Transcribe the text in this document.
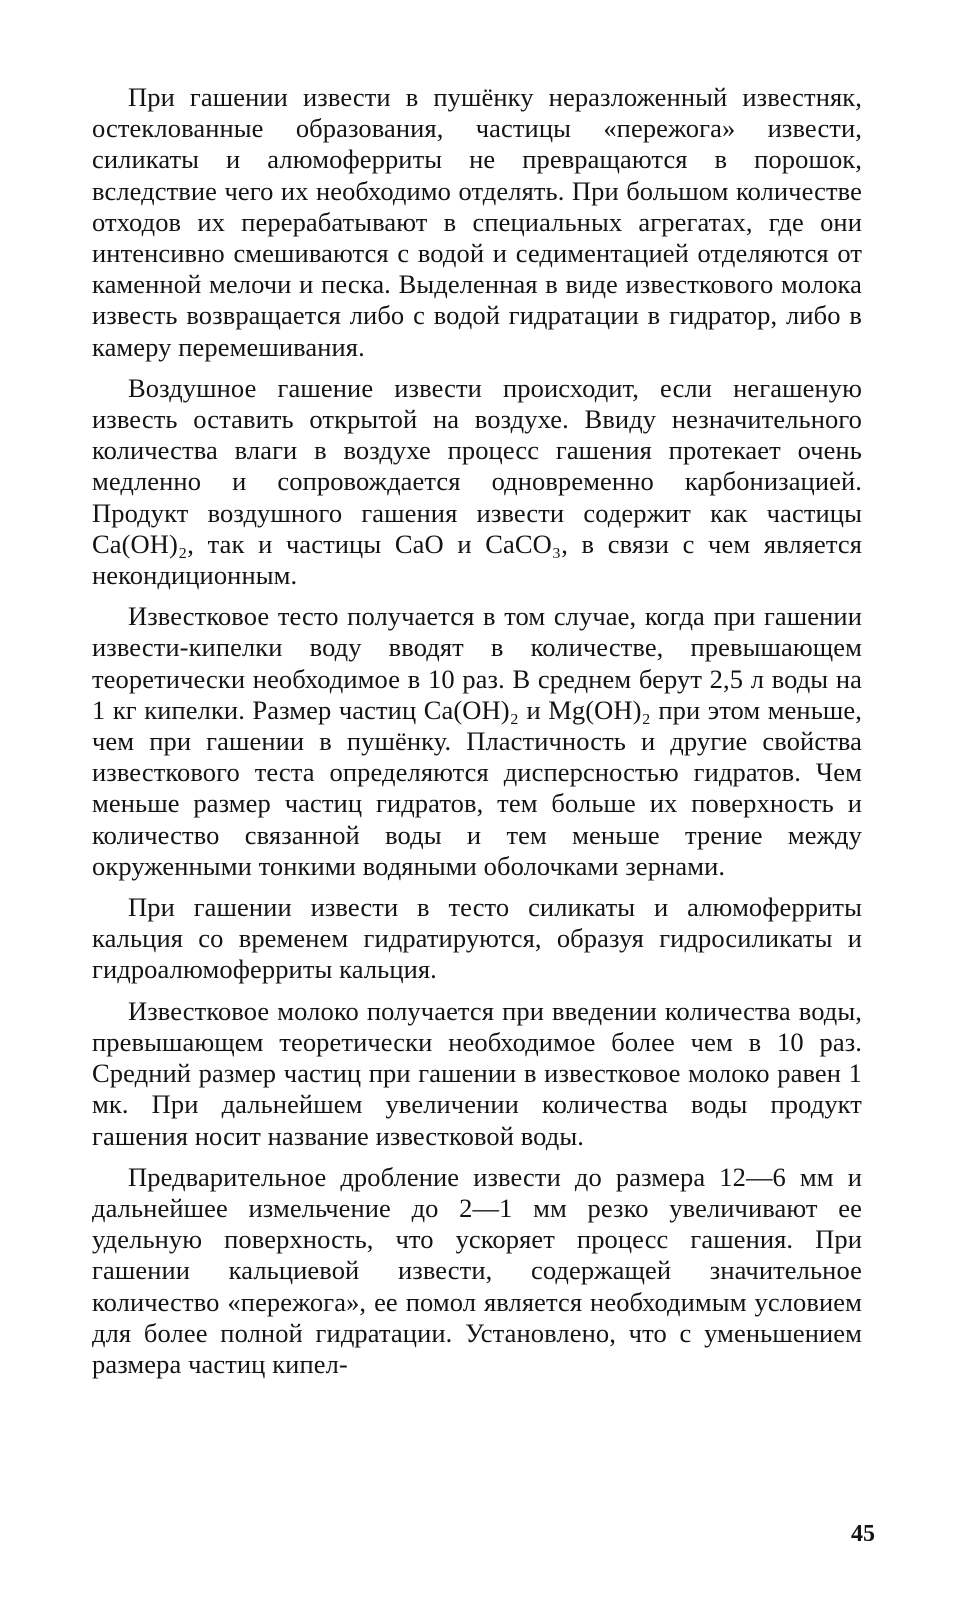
При гашении извести в пушёнку неразложенный известняк, остеклованные образования, частицы «пережога» извести, силикаты и алюмоферриты не превращаются в порошок, вследствие чего их необходимо отделять. При большом количестве отходов их перерабатывают в специальных агрегатах, где они интенсивно смешиваются с водой и седиментацией отделяются от каменной мелочи и песка. Выделенная в виде известкового молока известь возвращается либо с водой гидратации в гидратор, либо в камеру перемешивания.

Воздушное гашение извести происходит, если негашеную известь оставить открытой на воздухе. Ввиду незначительного количества влаги в воздухе процесс гашения протекает очень медленно и сопровождается одновременно карбонизацией. Продукт воздушного гашения извести содержит как частицы Ca(OH)₂, так и частицы CaO и CaCO₃, в связи с чем является некондиционным.

Известковое тесто получается в том случае, когда при гашении извести-кипелки воду вводят в количестве, превышающем теоретически необходимое в 10 раз. В среднем берут 2,5 л воды на 1 кг кипелки. Размер частиц Ca(OH)₂ и Mg(OH)₂ при этом меньше, чем при гашении в пушёнку. Пластичность и другие свойства известкового теста определяются дисперсностью гидратов. Чем меньше размер частиц гидратов, тем больше их поверхность и количество связанной воды и тем меньше трение между окруженными тонкими водяными оболочками зернами.

При гашении извести в тесто силикаты и алюмоферриты кальция со временем гидратируются, образуя гидросиликаты и гидроалюмоферриты кальция.

Известковое молоко получается при введении количества воды, превышающем теоретически необходимое более чем в 10 раз. Средний размер частиц при гашении в известковое молоко равен 1 мк. При дальнейшем увеличении количества воды продукт гашения носит название известковой воды.

Предварительное дробление извести до размера 12—6 мм и дальнейшее измельчение до 2—1 мм резко увеличивают ее удельную поверхность, что ускоряет процесс гашения. При гашении кальциевой извести, содержащей значительное количество «пережога», ее помол является необходимым условием для более полной гидратации. Установлено, что с уменьшением размера частиц кипел-

45
